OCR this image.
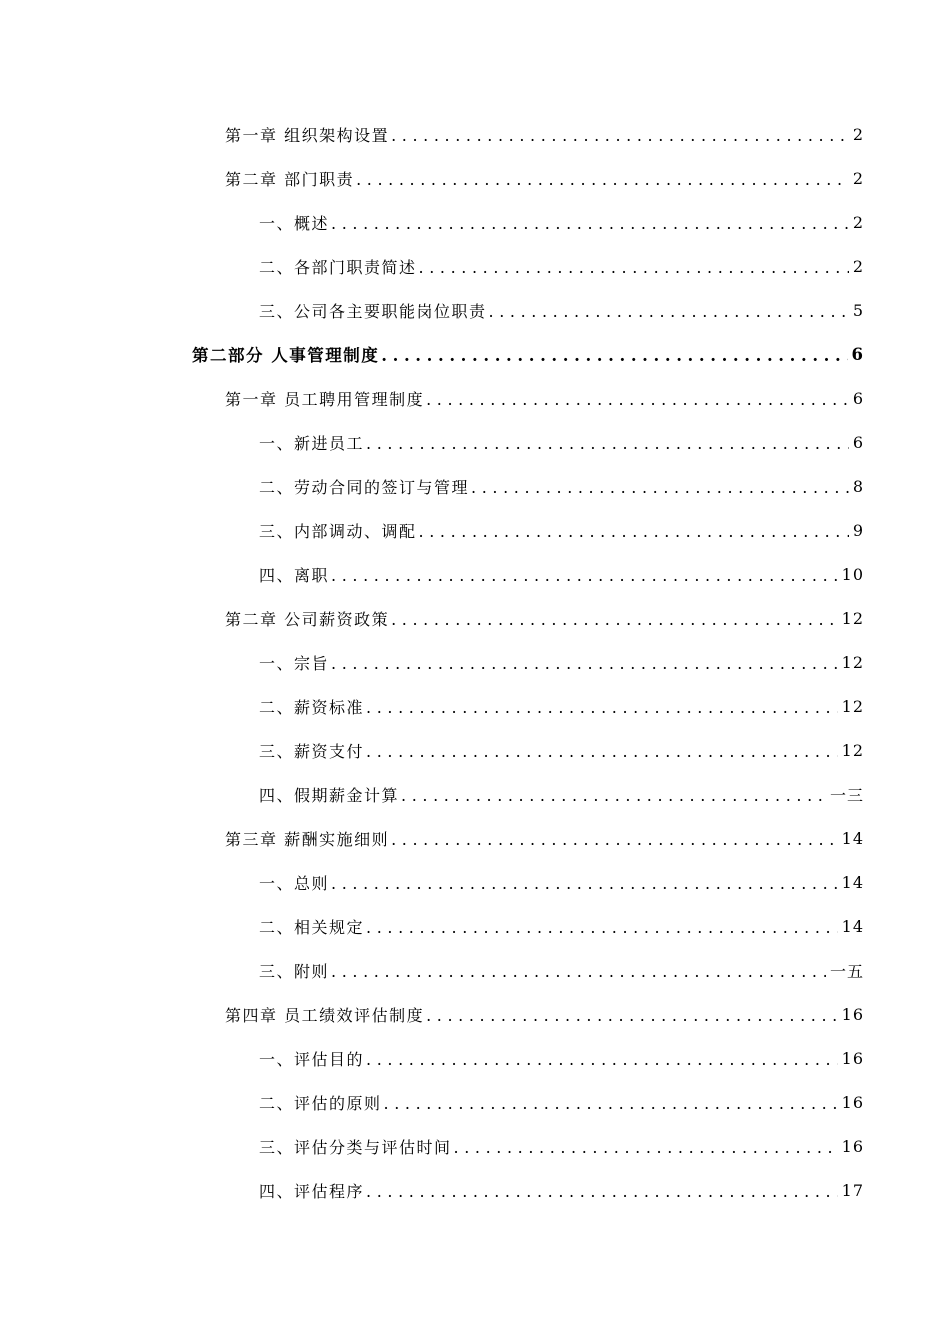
第一章 组织架构设置 .....	2
第二章 部门职责 .....	2
一、概述 .....	2
二、各部门职责简述 .....	2
三、公司各主要职能岗位职责 .....	5
第二部分 人事管理制度 .....	6
第一章 员工聘用管理制度 .....	6
一、新进员工 .....	6
二、劳动合同的签订与管理 .....	8
三、内部调动、调配 .....	9
四、离职 .....	10
第二章 公司薪资政策 .....	12
一、宗旨 .....	12
二、薪资标准 .....	12
三、薪资支付 .....	12
四、假期薪金计算 .....	一三
第三章 薪酬实施细则 .....	14
一、总则 .....	14
二、相关规定 .....	14
三、附则 .....	一五
第四章 员工绩效评估制度 .....	16
一、评估目的 .....	16
二、评估的原则 .....	16
三、评估分类与评估时间 .....	16
四、评估程序 .....	17
